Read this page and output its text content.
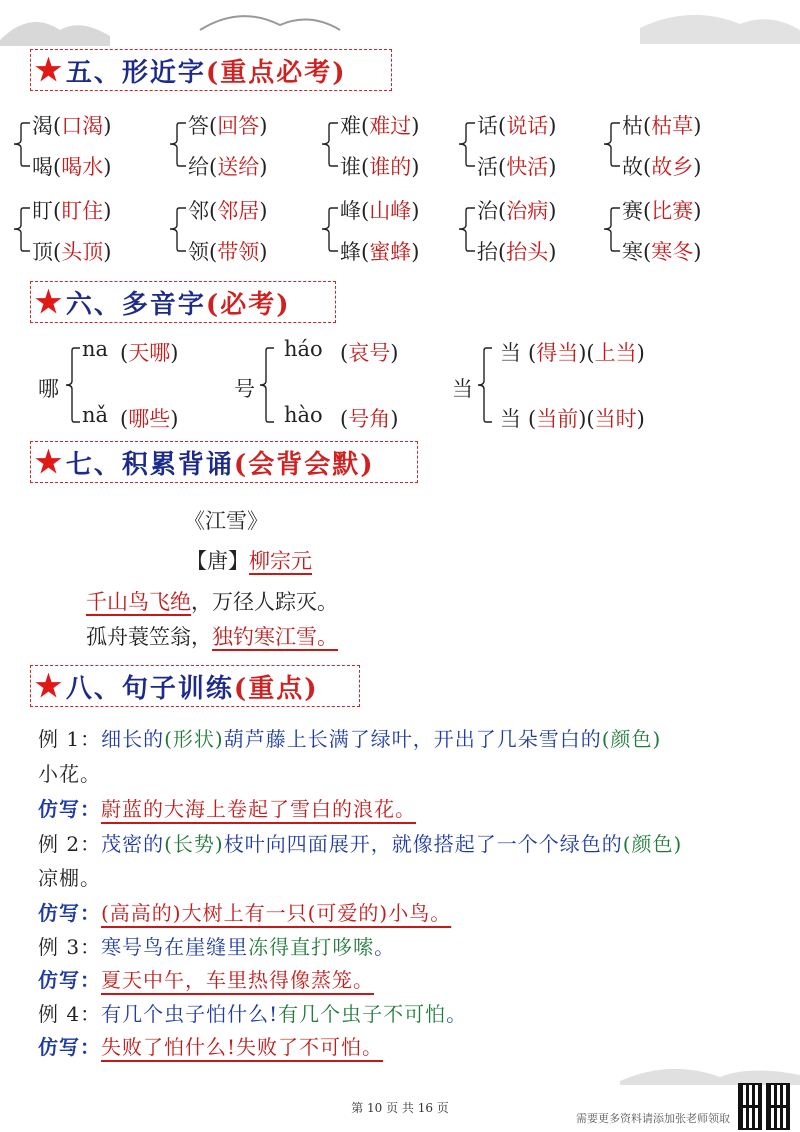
★ 五、形近字 (重点必考)
渴(口渴)
喝(喝水)
答(回答)
给(送给)
难(难过)
谁(谁的)
话(说话)
活(快活)
枯(枯草)
故(故乡)
盯(盯住)
顶(头顶)
邻(邻居)
领(带领)
峰(山峰)
蜂(蜜蜂)
治(治病)
抬(抬头)
赛(比赛)
寒(寒冬)
★ 六、多音字 (必考)
哪
na (天哪)
nǎ (哪些)
号
háo (哀号)
hào (号角)
当
当 (得当)(上当)
当 (当前)(当时)
★ 七、积累背诵 (会背会默)
《江雪》
【唐】柳宗元
千山鸟飞绝，万径人踪灭。
孤舟蓑笠翁，独钓寒江雪。
★ 八、句子训练 (重点)
例 1：细长的(形状)葫芦藤上长满了绿叶，开出了几朵雪白的(颜色)
小花。
仿写：蔚蓝的大海上卷起了雪白的浪花。
例 2：茂密的(长势)枝叶向四面展开，就像搭起了一个个绿色的(颜色)
凉棚。
仿写：(高高的)大树上有一只(可爱的)小鸟。
例 3：寒号鸟在崖缝里冻得直打哆嗦。
仿写：夏天中午，车里热得像蒸笼。
例 4：有几个虫子怕什么!有几个虫子不可怕。
仿写：失败了怕什么!失败了不可怕。
第 10 页 共 16 页
需要更多资料请添加张老师领取
